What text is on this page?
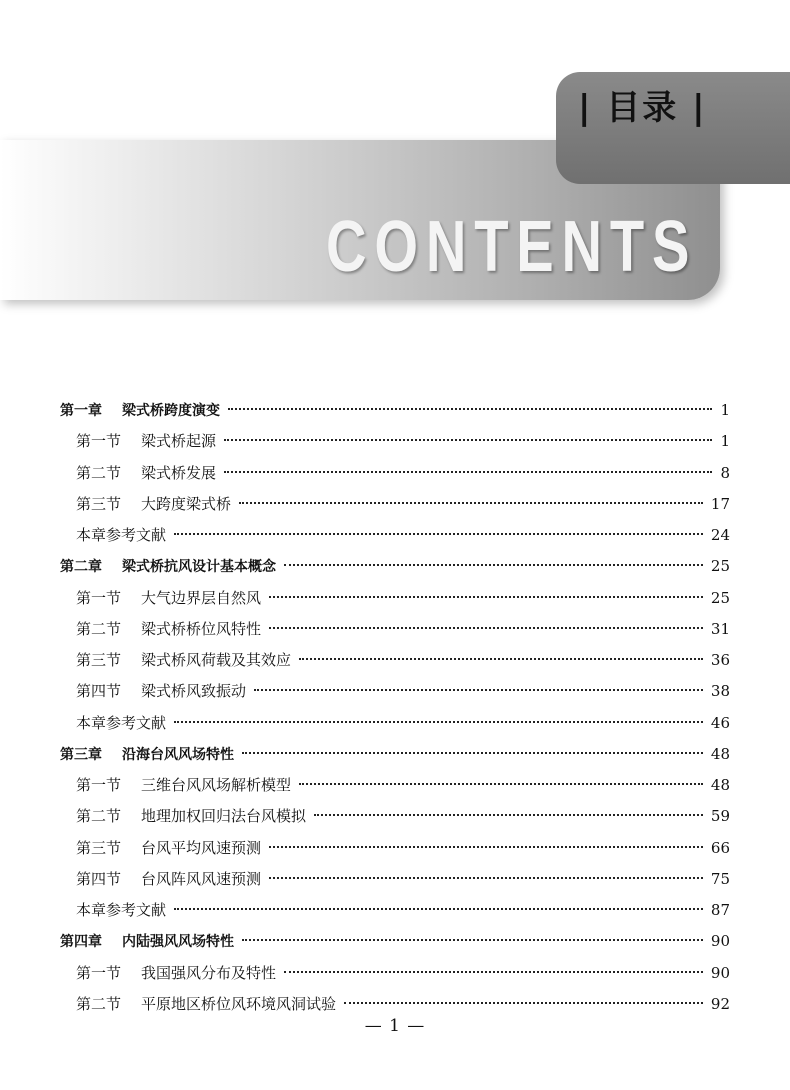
| 目录 |
CONTENTS
第一章 梁式桥跨度演变	1
第一节 梁式桥起源	1
第二节 梁式桥发展	8
第三节 大跨度梁式桥	17
本章参考文献	24
第二章 梁式桥抗风设计基本概念	25
第一节 大气边界层自然风	25
第二节 梁式桥桥位风特性	31
第三节 梁式桥风荷载及其效应	36
第四节 梁式桥风致振动	38
本章参考文献	46
第三章 沿海台风风场特性	48
第一节 三维台风风场解析模型	48
第二节 地理加权回归法台风模拟	59
第三节 台风平均风速预测	66
第四节 台风阵风风速预测	75
本章参考文献	87
第四章 内陆强风风场特性	90
第一节 我国强风分布及特性	90
第二节 平原地区桥位风环境风洞试验	92
— 1 —
